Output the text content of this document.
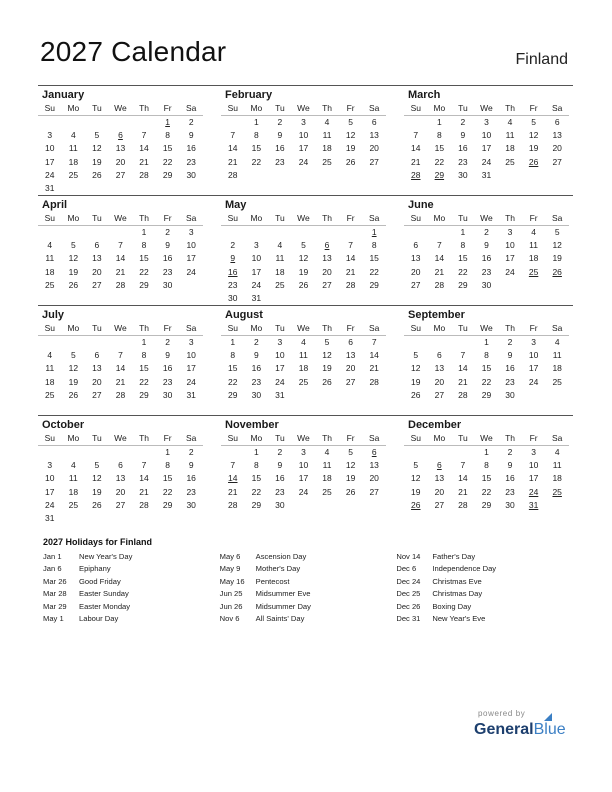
2027 Calendar	Finland
January
Su	Mo	Tu	We	Th	Fr	Sa
					1	2
3	4	5	6	7	8	9
10	11	12	13	14	15	16
17	18	19	20	21	22	23
24	25	26	27	28	29	30
31						
February
Su	Mo	Tu	We	Th	Fr	Sa
	1	2	3	4	5	6
7	8	9	10	11	12	13
14	15	16	17	18	19	20
21	22	23	24	25	26	27
28						
March
Su	Mo	Tu	We	Th	Fr	Sa
	1	2	3	4	5	6
7	8	9	10	11	12	13
14	15	16	17	18	19	20
21	22	23	24	25	26	27
28	29	30	31			
April
Su	Mo	Tu	We	Th	Fr	Sa
				1	2	3
4	5	6	7	8	9	10
11	12	13	14	15	16	17
18	19	20	21	22	23	24
25	26	27	28	29	30	
May
Su	Mo	Tu	We	Th	Fr	Sa
						1
2	3	4	5	6	7	8
9	10	11	12	13	14	15
16	17	18	19	20	21	22
23	24	25	26	27	28	29
30	31					
June
Su	Mo	Tu	We	Th	Fr	Sa
		1	2	3	4	5
6	7	8	9	10	11	12
13	14	15	16	17	18	19
20	21	22	23	24	25	26
27	28	29	30			
July
Su	Mo	Tu	We	Th	Fr	Sa
				1	2	3
4	5	6	7	8	9	10
11	12	13	14	15	16	17
18	19	20	21	22	23	24
25	26	27	28	29	30	31
August
Su	Mo	Tu	We	Th	Fr	Sa
1	2	3	4	5	6	7
8	9	10	11	12	13	14
15	16	17	18	19	20	21
22	23	24	25	26	27	28
29	30	31				
September
Su	Mo	Tu	We	Th	Fr	Sa
			1	2	3	4
5	6	7	8	9	10	11
12	13	14	15	16	17	18
19	20	21	22	23	24	25
26	27	28	29	30		
October
Su	Mo	Tu	We	Th	Fr	Sa
					1	2
3	4	5	6	7	8	9
10	11	12	13	14	15	16
17	18	19	20	21	22	23
24	25	26	27	28	29	30
31						
November
Su	Mo	Tu	We	Th	Fr	Sa
	1	2	3	4	5	6
7	8	9	10	11	12	13
14	15	16	17	18	19	20
21	22	23	24	25	26	27
28	29	30				
December
Su	Mo	Tu	We	Th	Fr	Sa
			1	2	3	4
5	6	7	8	9	10	11
12	13	14	15	16	17	18
19	20	21	22	23	24	25
26	27	28	29	30	31	
2027 Holidays for Finland
Jan 1	New Year's Day
Jan 6	Epiphany
Mar 26	Good Friday
Mar 28	Easter Sunday
Mar 29	Easter Monday
May 1	Labour Day
May 6	Ascension Day
May 9	Mother's Day
May 16	Pentecost
Jun 25	Midsummer Eve
Jun 26	Midsummer Day
Nov 6	All Saints' Day
Nov 14	Father's Day
Dec 6	Independence Day
Dec 24	Christmas Eve
Dec 25	Christmas Day
Dec 26	Boxing Day
Dec 31	New Year's Eve
powered by
GeneralBlue
